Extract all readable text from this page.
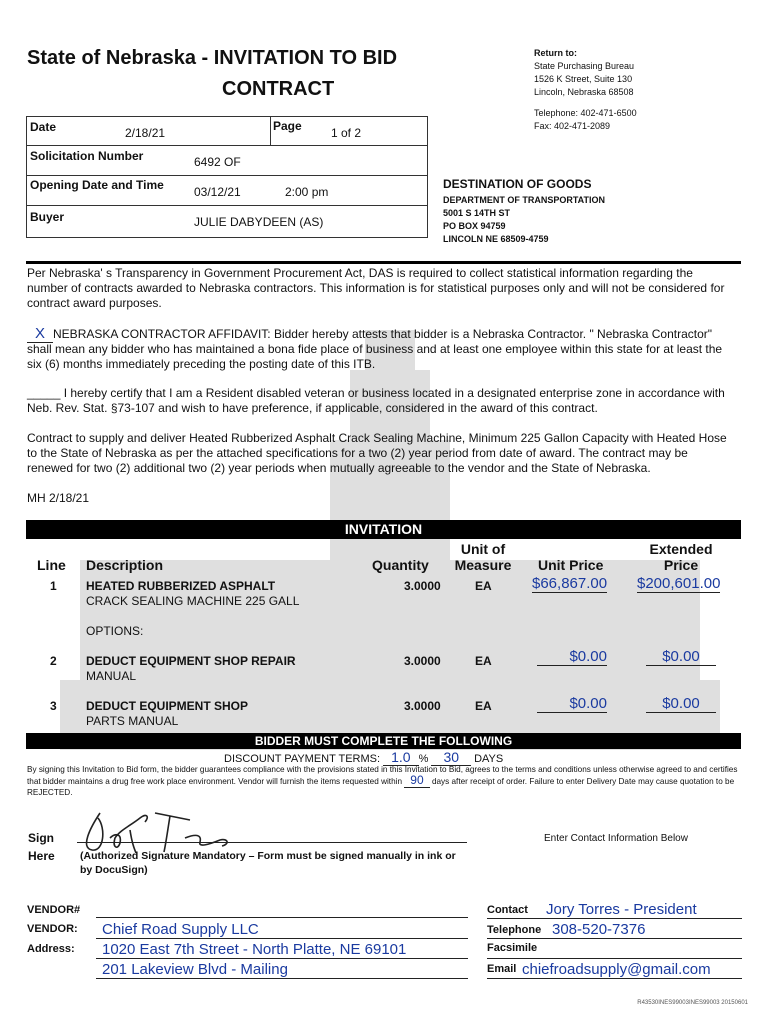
State of Nebraska - INVITATION TO BID
CONTRACT
Return to:
State Purchasing Bureau
1526 K Street, Suite 130
Lincoln, Nebraska 68508
Telephone: 402-471-6500
Fax: 402-471-2089
Date	2/18/21	Page 1 of 2
Solicitation Number	6492 OF
Opening Date and Time	03/12/21	2:00 pm
Buyer	JULIE DABYDEEN (AS)
DESTINATION OF GOODS
DEPARTMENT OF TRANSPORTATION
5001 S 14TH ST
PO BOX 94759
LINCOLN NE 68509-4759
Per Nebraska' s Transparency in Government Procurement Act, DAS is required to collect statistical information regarding the number of contracts awarded to Nebraska contractors. This information is for statistical purposes only and will not be considered for contract award purposes.
X NEBRASKA CONTRACTOR AFFIDAVIT: Bidder hereby attests that bidder is a Nebraska Contractor. " Nebraska Contractor" shall mean any bidder who has maintained a bona fide place of business and at least one employee within this state for at least the six (6) months immediately preceding the posting date of this ITB.
_____ I hereby certify that I am a Resident disabled veteran or business located in a designated enterprise zone in accordance with Neb. Rev. Stat. §73-107 and wish to have preference, if applicable, considered in the award of this contract.
Contract to supply and deliver Heated Rubberized Asphalt Crack Sealing Machine, Minimum 225 Gallon Capacity with Heated Hose to the State of Nebraska as per the attached specifications for a two (2) year period from date of award. The contract may be renewed for two (2) additional two (2) year periods when mutually agreeable to the vendor and the State of Nebraska.
MH 2/18/21
INVITATION
Line Description	Quantity
Unit of
Measure	Unit Price
Extended
Price
1 HEATED RUBBERIZED ASPHALT
CRACK SEALING MACHINE 225 GALL
3.0000	EA	$66,867.00 $200,601.00
OPTIONS:
2 DEDUCT EQUIPMENT SHOP REPAIR
MANUAL
3.0000	EA	$0.00	$0.00
3 DEDUCT EQUIPMENT SHOP
PARTS MANUAL
3.0000	EA	$0.00	$0.00
BIDDER MUST COMPLETE THE FOLLOWING
DISCOUNT PAYMENT TERMS: 1.0 % 30 DAYS
By signing this Invitation to Bid form, the bidder guarantees compliance with the provisions stated in this Invitation to Bid, agrees to the terms and conditions unless otherwise agreed to and certifies that bidder maintains a drug free work place environment. Vendor will furnish the items requested within 90 days after receipt of order. Failure to enter Delivery Date may cause quotation to be REJECTED.
Sign
Here (Authorized Signature Mandatory – Form must be signed manually in ink or by DocuSign)
Enter Contact Information Below
VENDOR#
VENDOR: Chief Road Supply LLC
Address: 1020 East 7th Street - North Platte, NE 69101
201 Lakeview Blvd - Mailing
Contact Jory Torres - President
Telephone 308-520-7376
Facsimile
Email chiefroadsupply@gmail.com
R43530INES99003INES99003 20150601
